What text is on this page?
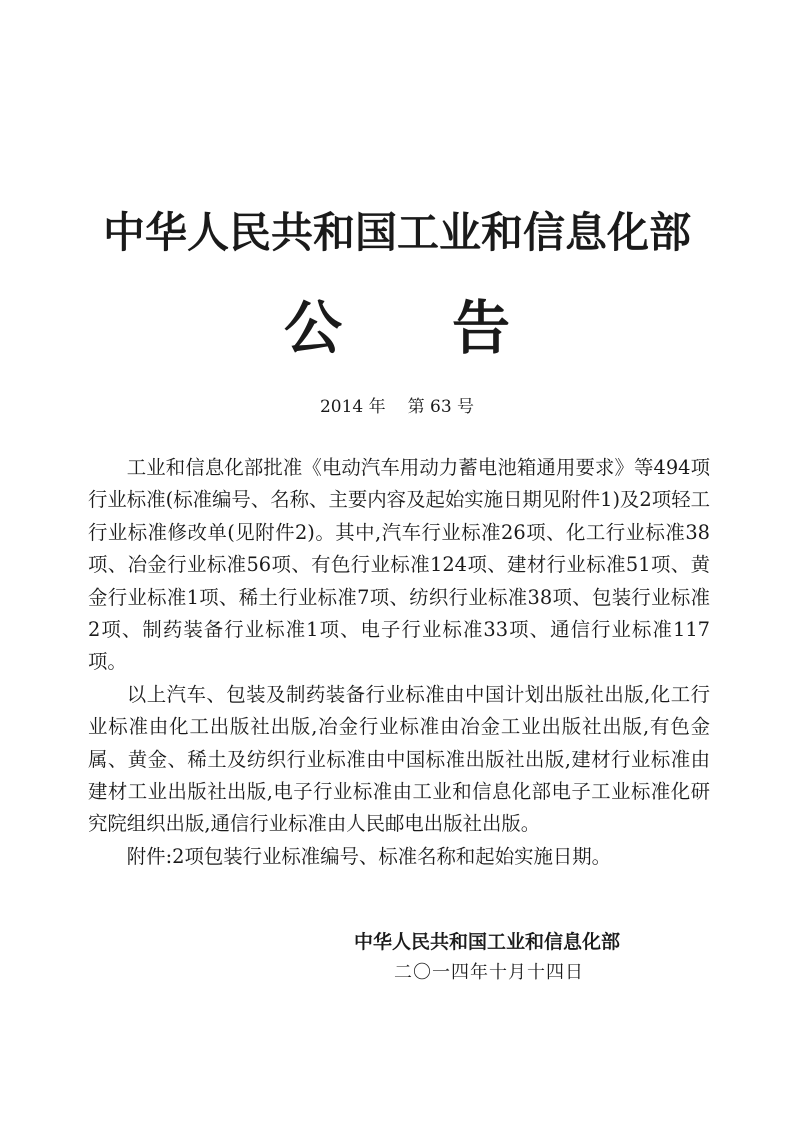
中华人民共和国工业和信息化部
公 告
2014 年 第 63 号

工业和信息化部批准《电动汽车用动力蓄电池箱通用要求》等494项行业标准(标准编号、名称、主要内容及起始实施日期见附件1)及2项轻工行业标准修改单(见附件2)。其中,汽车行业标准26项、化工行业标准38项、冶金行业标准56项、有色行业标准124项、建材行业标准51项、黄金行业标准1项、稀土行业标准7项、纺织行业标准38项、包装行业标准2项、制药装备行业标准1项、电子行业标准33项、通信行业标准117项。

以上汽车、包装及制药装备行业标准由中国计划出版社出版,化工行业标准由化工出版社出版,冶金行业标准由冶金工业出版社出版,有色金属、黄金、稀土及纺织行业标准由中国标准出版社出版,建材行业标准由建材工业出版社出版,电子行业标准由工业和信息化部电子工业标准化研究院组织出版,通信行业标准由人民邮电出版社出版。

附件:2项包装行业标准编号、标准名称和起始实施日期。

中华人民共和国工业和信息化部
二〇一四年十月十四日
